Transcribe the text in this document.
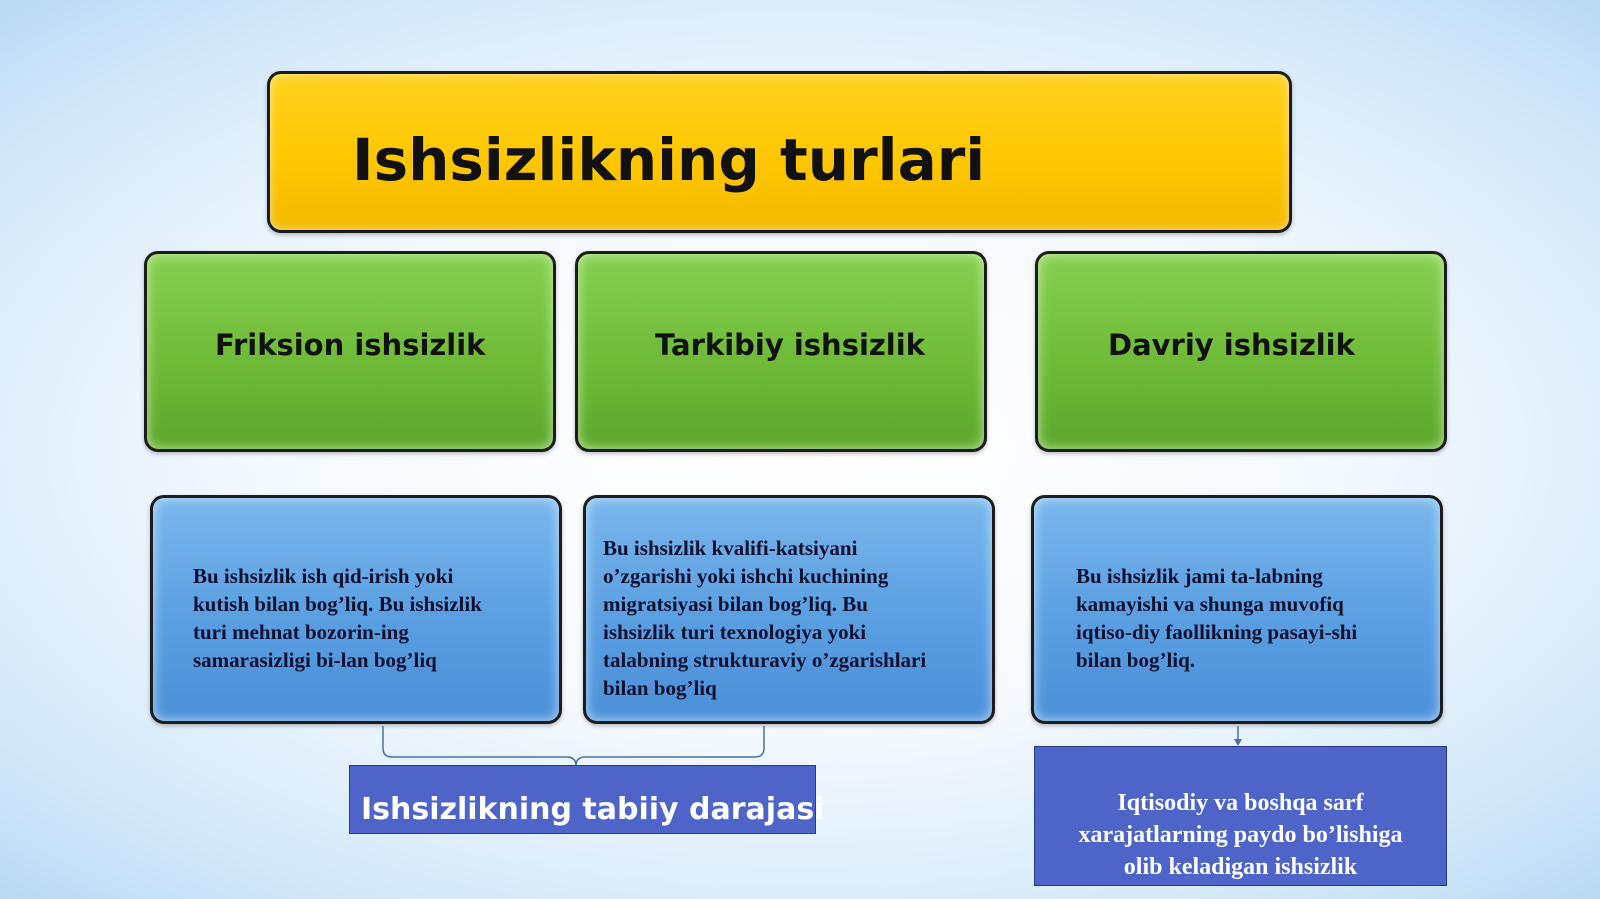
Ishsizlikning turlari
Friksion ishsizlik	Tarkibiy ishsizlik	Davriy ishsizlik
Bu ishsizlik ish qid-irish yoki
kutish bilan bog’liq. Bu ishsizlik
turi mehnat bozorin-ing
samarasizligi bi-lan bog’liq
Bu ishsizlik kvalifi-katsiyani
o’zgarishi yoki ishchi kuchining
migratsiyasi bilan bog’liq. Bu
ishsizlik turi texnologiya yoki
talabning strukturaviy o’zgarishlari
bilan bog’liq
Bu ishsizlik jami ta-labning
kamayishi va shunga muvofiq
iqtiso-diy faollikning pasayi-shi
bilan bog’liq.
Ishsizlikning tabiiy darajasi	Iqtisodiy va boshqa sarf
xarajatlarning paydo bo’lishiga
olib keladigan ishsizlik
